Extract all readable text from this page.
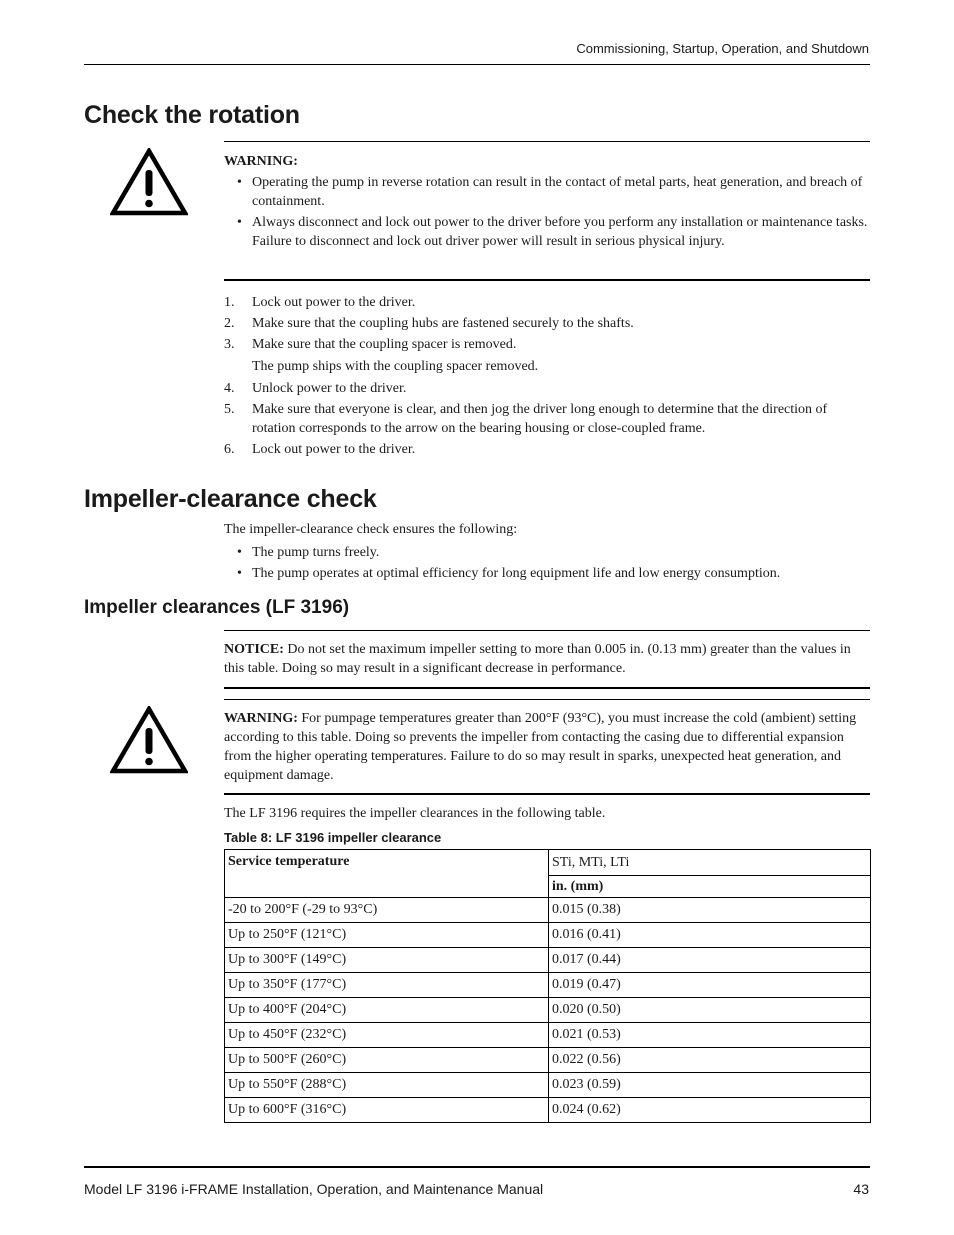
Commissioning, Startup, Operation, and Shutdown
Check the rotation
WARNING:
• Operating the pump in reverse rotation can result in the contact of metal parts, heat generation, and breach of containment.
• Always disconnect and lock out power to the driver before you perform any installation or maintenance tasks. Failure to disconnect and lock out driver power will result in serious physical injury.
1. Lock out power to the driver.
2. Make sure that the coupling hubs are fastened securely to the shafts.
3. Make sure that the coupling spacer is removed.
The pump ships with the coupling spacer removed.
4. Unlock power to the driver.
5. Make sure that everyone is clear, and then jog the driver long enough to determine that the direction of rotation corresponds to the arrow on the bearing housing or close-coupled frame.
6. Lock out power to the driver.
Impeller-clearance check
The impeller-clearance check ensures the following:
• The pump turns freely.
• The pump operates at optimal efficiency for long equipment life and low energy consumption.
Impeller clearances (LF 3196)
NOTICE: Do not set the maximum impeller setting to more than 0.005 in. (0.13 mm) greater than the values in this table. Doing so may result in a significant decrease in performance.
WARNING: For pumpage temperatures greater than 200°F (93°C), you must increase the cold (ambient) setting according to this table. Doing so prevents the impeller from contacting the casing due to differential expansion from the higher operating temperatures. Failure to do so may result in sparks, unexpected heat generation, and equipment damage.
The LF 3196 requires the impeller clearances in the following table.
Table 8: LF 3196 impeller clearance
Service temperature	STi, MTi, LTi
	in. (mm)
-20 to 200°F (-29 to 93°C)	0.015 (0.38)
Up to 250°F (121°C)	0.016 (0.41)
Up to 300°F (149°C)	0.017 (0.44)
Up to 350°F (177°C)	0.019 (0.47)
Up to 400°F (204°C)	0.020 (0.50)
Up to 450°F (232°C)	0.021 (0.53)
Up to 500°F (260°C)	0.022 (0.56)
Up to 550°F (288°C)	0.023 (0.59)
Up to 600°F (316°C)	0.024 (0.62)
Model LF 3196 i-FRAME Installation, Operation, and Maintenance Manual	43
